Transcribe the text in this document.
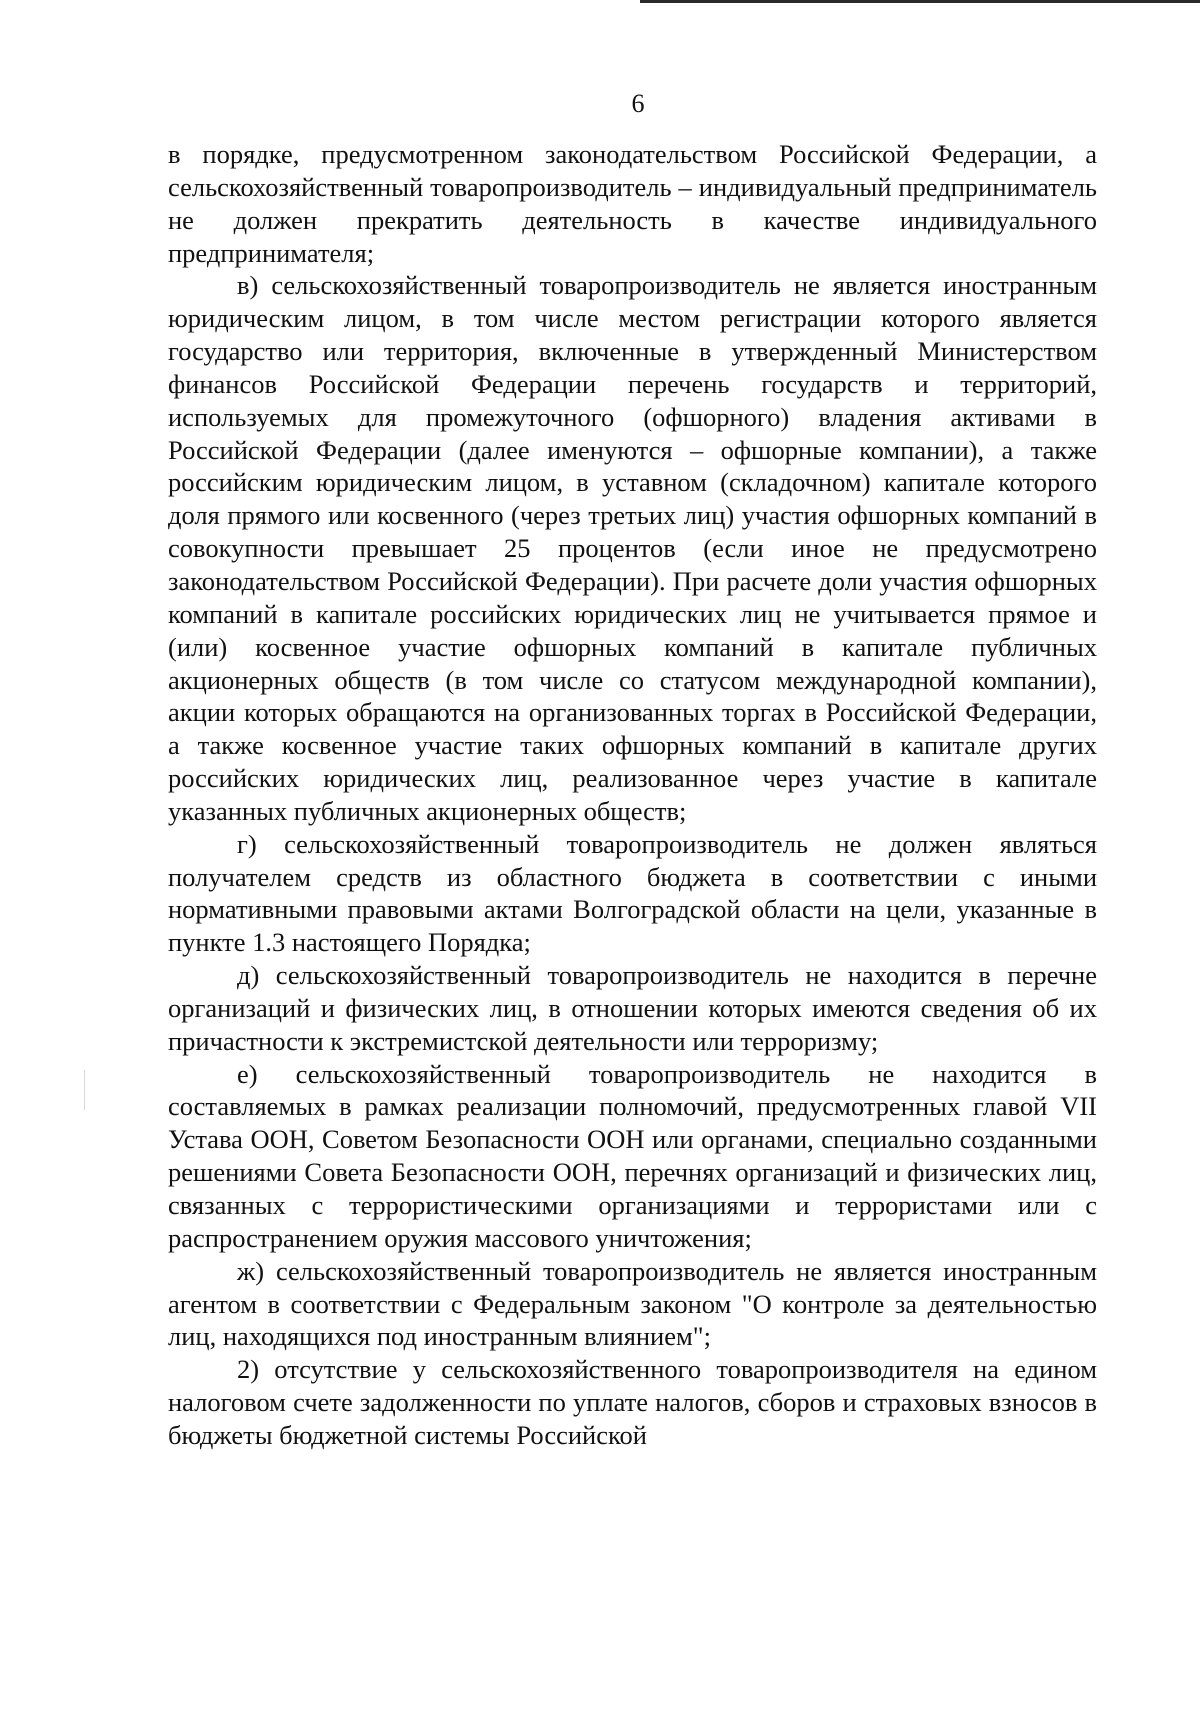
6

в порядке, предусмотренном законодательством Российской Федерации, а сельскохозяйственный товаропроизводитель – индивидуальный предприниматель не должен прекратить деятельность в качестве индивидуального предпринимателя;

в) сельскохозяйственный товаропроизводитель не является иностранным юридическим лицом, в том числе местом регистрации которого является государство или территория, включенные в утвержденный Министерством финансов Российской Федерации перечень государств и территорий, используемых для промежуточного (офшорного) владения активами в Российской Федерации (далее именуются – офшорные компании), а также российским юридическим лицом, в уставном (складочном) капитале которого доля прямого или косвенного (через третьих лиц) участия офшорных компаний в совокупности превышает 25 процентов (если иное не предусмотрено законодательством Российской Федерации). При расчете доли участия офшорных компаний в капитале российских юридических лиц не учитывается прямое и (или) косвенное участие офшорных компаний в капитале публичных акционерных обществ (в том числе со статусом международной компании), акции которых обращаются на организованных торгах в Российской Федерации, а также косвенное участие таких офшорных компаний в капитале других российских юридических лиц, реализованное через участие в капитале указанных публичных акционерных обществ;

г) сельскохозяйственный товаропроизводитель не должен являться получателем средств из областного бюджета в соответствии с иными нормативными правовыми актами Волгоградской области на цели, указанные в пункте 1.3 настоящего Порядка;

д) сельскохозяйственный товаропроизводитель не находится в перечне организаций и физических лиц, в отношении которых имеются сведения об их причастности к экстремистской деятельности или терроризму;

е) сельскохозяйственный товаропроизводитель не находится в составляемых в рамках реализации полномочий, предусмотренных главой VII Устава ООН, Советом Безопасности ООН или органами, специально созданными решениями Совета Безопасности ООН, перечнях организаций и физических лиц, связанных с террористическими организациями и террористами или с распространением оружия массового уничтожения;

ж) сельскохозяйственный товаропроизводитель не является иностранным агентом в соответствии с Федеральным законом "О контроле за деятельностью лиц, находящихся под иностранным влиянием";

2) отсутствие у сельскохозяйственного товаропроизводителя на едином налоговом счете задолженности по уплате налогов, сборов и страховых взносов в бюджеты бюджетной системы Российской
